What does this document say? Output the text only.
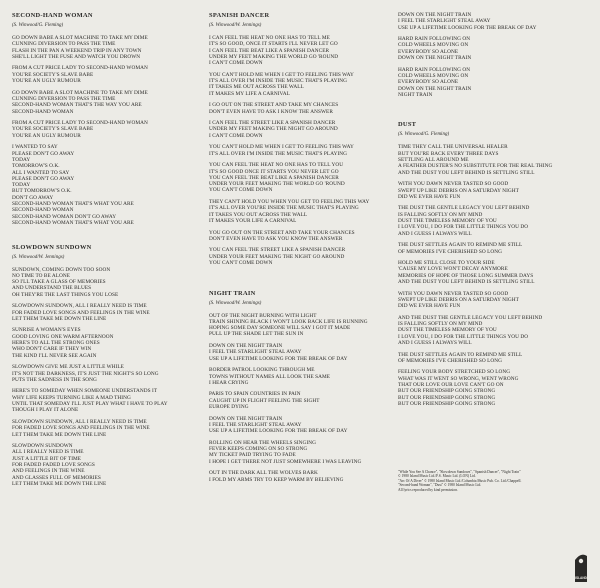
SECOND-HAND WOMAN
(S. Winwood/G. Fleming)
GO DOWN BABE A SLOT MACHINE TO TAKE MY DIME
CUNNING DIVERSION TO PASS THE TIME
FLASH IN THE PAN A WEEKEND TRIP IN ANY TOWN
SHE'LL LIGHT THE FUSE AND WATCH YOU DROWN
FROM A CUT PRICE LADY TO SECOND-HAND WOMAN
YOU'RE SOCIETY'S SLAVE BABE
YOU'RE AN UGLY RUMOUR
GO DOWN BABE A SLOT MACHINE TO TAKE MY DIME
CUNNING DIVERSION TO PASS THE TIME
SECOND-HAND WOMAN THAT'S THE WAY YOU ARE
SECOND-HAND WOMAN
FROM A CUT PRICE LADY TO SECOND-HAND WOMAN
YOU'RE SOCIETY'S SLAVE BABE
YOU'RE AN UGLY RUMOUR
I WANTED TO SAY
PLEASE DON'T GO AWAY
TODAY
TOMORROW'S O.K.
ALL I WANTED TO SAY
PLEASE DON'T GO AWAY
TODAY
BUT TOMORROW'S O.K.
DON'T GO AWAY
SECOND-HAND WOMAN THAT'S WHAT YOU ARE
SECOND-HAND WOMAN
SECOND-HAND WOMAN DON'T GO AWAY
SECOND-HAND WOMAN THAT'S WHAT YOU ARE
SLOWDOWN SUNDOWN
(S. Winwood/W. Jennings)
SUNDOWN, COMING DOWN TOO SOON
NO TIME TO BE ALONE
SO I'LL TAKE A GLASS OF MEMORIES
AND UNDERSTAND THE BLUES
OH THEY'RE THE LAST THINGS YOU LOSE
SLOWDOWN SUNDOWN, ALL I REALLY NEED IS TIME
FOR FADED LOVE SONGS AND FEELINGS IN THE WINE
LET THEM TAKE ME DOWN THE LINE
SUNRISE A WOMAN'S EYES
GOOD LOVING ONE WARM AFTERNOON
HERE'S TO ALL THE STRONG ONES
WHO DON'T CARE IF THEY WIN
THE KIND I'LL NEVER SEE AGAIN
SLOWDOWN GIVE ME JUST A LITTLE WHILE
IT'S NOT THE DARKNESS, IT'S JUST THE NIGHT'S SO LONG
PUTS THE SADNESS IN THE SONG
HERE'S TO SOMEDAY WHEN SOMEONE UNDERSTANDS IT
WHY LIFE KEEPS TURNING LIKE A MAD THING
UNTIL THAT SOMEDAY I'LL JUST PLAY WHAT I HAVE TO PLAY
THOUGH I PLAY IT ALONE
SLOWDOWN SUNDOWN, ALL I REALLY NEED IS TIME
FOR FADED LOVE SONGS AND FEELINGS IN THE WINE
LET THEM TAKE ME DOWN THE LINE
SLOWDOWN SUNDOWN
ALL I REALLY NEED IS TIME
JUST A LITTLE BIT OF TIME
FOR FADED FADED LOVE SONGS
AND FEELINGS IN THE WINE
AND GLASSES FULL OF MEMORIES
LET THEM TAKE ME DOWN THE LINE
SPANISH DANCER
(S. Winwood/W. Jennings)
I CAN FEEL THE HEAT NO ONE HAS TO TELL ME
IT'S SO GOOD, ONCE IT STARTS I'LL NEVER LET GO
I CAN FEEL THE BEAT LIKE A SPANISH DANCER
UNDER MY FEET MAKING THE WORLD GO 'ROUND
I CAN'T COME DOWN
YOU CAN'T HOLD ME WHEN I GET TO FEELING THIS WAY
IT'S ALL OVER I'M INSIDE THE MUSIC THAT'S PLAYING
IT TAKES ME OUT ACROSS THE WALL
IT MAKES MY LIFE A CARNIVAL
I GO OUT ON THE STREET AND TAKE MY CHANCES
DON'T EVEN HAVE TO ASK I KNOW THE ANSWER
I CAN FEEL THE STREET LIKE A SPANISH DANCER
UNDER MY FEET MAKING THE NIGHT GO AROUND
I CAN'T COME DOWN
YOU CAN'T HOLD ME WHEN I GET TO FEELING THIS WAY
IT'S ALL OVER I'M INSIDE THE MUSIC THAT'S PLAYING
YOU CAN FEEL THE HEAT NO ONE HAS TO TELL YOU
IT'S SO GOOD ONCE IT STARTS YOU NEVER LET GO
YOU CAN FEEL THE BEAT LIKE A SPANISH DANCER
UNDER YOUR FEET MAKING THE WORLD GO 'ROUND
YOU CAN'T COME DOWN
THEY CAN'T HOLD YOU WHEN YOU GET TO FEELING THIS WAY
IT'S ALL OVER YOU'RE INSIDE THE MUSIC THAT'S PLAYING
IT TAKES YOU OUT ACROSS THE WALL
IT MAKES YOUR LIFE A CARNIVAL
YOU GO OUT ON THE STREET AND TAKE YOUR CHANCES
DON'T EVEN HAVE TO ASK YOU KNOW THE ANSWER
YOU CAN FEEL THE STREET LIKE A SPANISH DANCER
UNDER YOUR FEET MAKING THE NIGHT GO AROUND
YOU CAN'T COME DOWN
NIGHT TRAIN
(S. Winwood/W. Jennings)
OUT OF THE NIGHT BURNING WITH LIGHT
TRAIN SHINING BLACK I WON'T LOOK BACK LIFE IS RUNNING
HOPING SOME DAY SOMEONE WILL SAY I GOT IT MADE
PULL UP THE SHADE LET THE SUN IN
DOWN ON THE NIGHT TRAIN
I FEEL THE STARLIGHT STEAL AWAY
USE UP A LIFETIME LOOKING FOR THE BREAK OF DAY
BORDER PATROL LOOKING THROUGH ME
TOWNS WITHOUT NAMES ALL LOOK THE SAME
I HEAR CRYING
PARIS TO SPAIN COUNTRIES IN PAIN
CAUGHT UP IN FLIGHT FEELING THE SIGHT
EUROPE DYING
DOWN ON THE NIGHT TRAIN
I FEEL THE STARLIGHT STEAL AWAY
USE UP A LIFETIME LOOKING FOR THE BREAK OF DAY
ROLLING ON HEAR THE WHEELS SINGING
FEVER KEEPS COMING ON SO STRONG
MY TICKET PAID TRYING TO FADE
I HOPE I GET THERE NOT JUST SOMEWHERE I WAS LEAVING
OUT IN THE DARK ALL THE WOLVES BARK
I FOLD MY ARMS TRY TO KEEP WARM BY BELIEVING
DOWN ON THE NIGHT TRAIN
I FEEL THE STARLIGHT STEAL AWAY
USE UP A LIFETIME LOOKING FOR THE BREAK OF DAY
HARD RAIN FOLLOWING ON
COLD WHEELS MOVING ON
EVERYBODY SO ALONE
DOWN ON THE NIGHT TRAIN
HARD RAIN FOLLOWING ON
COLD WHEELS MOVING ON
EVERYBODY SO ALONE
DOWN ON THE NIGHT TRAIN
NIGHT TRAIN
DUST
(S. Winwood/G. Fleming)
TIME THEY CALL THE UNIVERSAL HEALER
BUT YOU'RE BACK EVERY THREE DAYS
SETTLING ALL AROUND ME
A FEATHER DUSTER'S NO SUBSTITUTE FOR THE REAL THING
AND THE DUST YOU LEFT BEHIND IS SETTLING STILL
WITH YOU DAWN NEVER TASTED SO GOOD
SWEPT UP LIKE DEBRIS ON A SATURDAY NIGHT
DID WE EVER HAVE FUN
THE DUST THE GENTLE LEGACY YOU LEFT BEHIND
IS FALLING SOFTLY ON MY MIND
DUST THE TIMELESS MEMORY OF YOU
I LOVE YOU, I DO FOR THE LITTLE THINGS YOU DO
AND I GUESS I ALWAYS WILL
THE DUST SETTLES AGAIN TO REMIND ME STILL
OF MEMORIES I'VE CHERISHED SO LONG
HOLD ME STILL CLOSE TO YOUR SIDE
'CAUSE MY LOVE WON'T DECAY ANYMORE
MEMORIES OF HOPE OF THOSE LONG SUMMER DAYS
AND THE DUST YOU LEFT BEHIND IS SETTLING STILL
WITH YOU DAWN NEVER TASTED SO GOOD
SWEPT UP LIKE DEBRIS ON A SATURDAY NIGHT
DID WE EVER HAVE FUN
AND THE DUST THE GENTLE LEGACY YOU LEFT BEHIND
IS FALLING SOFTLY ON MY MIND
DUST THE TIMELESS MEMORY OF YOU
I LOVE YOU, I DO FOR THE LITTLE THINGS YOU DO
AND I GUESS I ALWAYS WILL
THE DUST SETTLES AGAIN TO REMIND ME STILL
OF MEMORIES I'VE CHERISHED SO LONG
FEELING YOUR BODY STRETCHED SO LONG
WHAT WAS IT WENT SO WRONG, WENT WRONG
THAT OUR LOVE OUR LOVE CAN'T GO ON
BUT OUR FRIENDSHIP GOING STRONG
BUT OUR FRIENDSHIP GOING STRONG
BUT OUR FRIENDSHIP GOING STRONG
"While You See A Chance", "Slowdown Sundown", "Spanish Dancer", "Night Train"
© 1980 Island Music Ltd./F.S. Music Ltd. (LON) Ltd.
"Arc Of A Diver" © 1980 Island Music Ltd./Columbia Music Pub. Co. Ltd./Chappell.
"Second-hand Woman", "Dust" © 1980 Island Music Ltd.
All lyrics reproduced by kind permission.
ISLAND
